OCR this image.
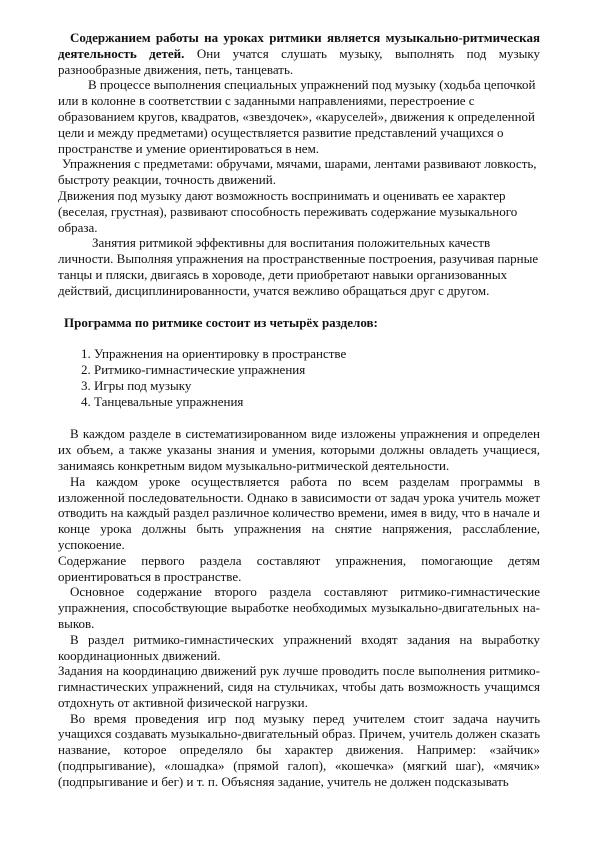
Содержанием работы на уроках ритмики является музыкально-ритмическая деятельность детей. Они учатся слушать музыку, выполнять под музыку разнообразные движения, петь, танцевать.

В процессе выполнения специальных упражнений под музыку (ходьба цепочкой или в колонне в соответствии с заданными направлениями, перестроение с образованием кругов, квадратов, «звездочек», «каруселей», движения к определенной цели и между предметами) осуществляется развитие представлений учащихся о пространстве и умение ориентироваться в нем.

Упражнения с предметами: обручами, мячами, шарами, лентами развивают ловкость, быстроту реакции, точность движений.

Движения под музыку дают возможность воспринимать и оценивать ее характер (веселая, грустная), развивают способность переживать содержание музыкального образа.

Занятия ритмикой эффективны для воспитания положительных качеств личности. Выполняя упражнения на пространственные построения, разучивая парные танцы и пляски, двигаясь в хороводе, дети приобретают навыки организованных действий, дисциплинированности, учатся вежливо обращаться друг с другом.

Программа по ритмике состоит из четырёх разделов:

1. Упражнения на ориентировку в пространстве
2. Ритмико-гимнастические упражнения
3. Игры под музыку
4. Танцевальные упражнения

В каждом разделе в систематизированном виде изложены упражнения и определен их объем, а также указаны знания и умения, которыми должны овладеть учащиеся, занимаясь конкретным видом музыкально-ритмической деятельности.

На каждом уроке осуществляется работа по всем разделам программы в изложенной последовательности. Однако в зависимости от задач урока учитель может отводить на каждый раздел различное количество времени, имея в виду, что в начале и конце урока должны быть упражнения на снятие напряжения, расслабление, успокоение.

Содержание первого раздела составляют упражнения, помогающие детям ориентироваться в пространстве.

Основное содержание второго раздела составляют ритмико-гимнастические упражнения, способствующие выработке необходимых музыкально-двигательных на-выков.

В раздел ритмико-гимнастических упражнений входят задания на выработку координационных движений.

Задания на координацию движений рук лучше проводить после выполнения ритмико-гимнастических упражнений, сидя на стульчиках, чтобы дать возможность учащимся отдохнуть от активной физической нагрузки.

Во время проведения игр под музыку перед учителем стоит задача научить учащихся создавать музыкально-двигательный образ. Причем, учитель должен сказать название, которое определяло бы характер движения. Например: «зайчик» (подпрыгивание), «лошадка» (прямой галоп), «кошечка» (мягкий шаг), «мячик» (подпрыгивание и бег) и т. п. Объясняя задание, учитель не должен подсказывать
